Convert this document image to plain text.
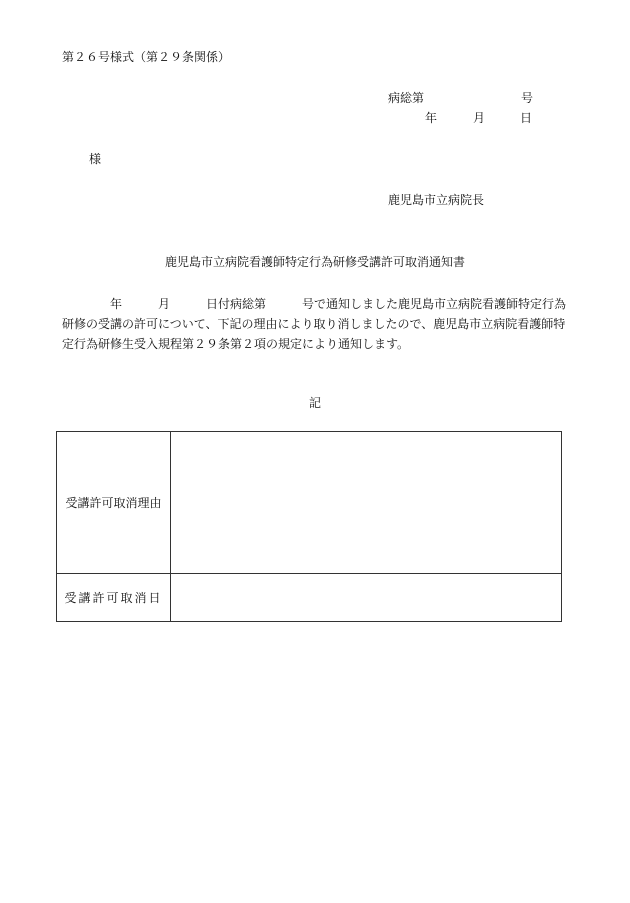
第２６号様式（第２９条関係）
病総第	号
年	月	日
様
鹿児島市立病院長
鹿児島市立病院看護師特定行為研修受講許可取消通知書
　　　　年　　　月　　　日付病総第　　　号で通知しました鹿児島市立病院看護師特定行為
研修の受講の許可について、下記の理由により取り消しましたので、鹿児島市立病院看護師特
定行為研修生受入規程第２９条第２項の規定により通知します。
記
受講許可取消理由	
受講許可取消日	
